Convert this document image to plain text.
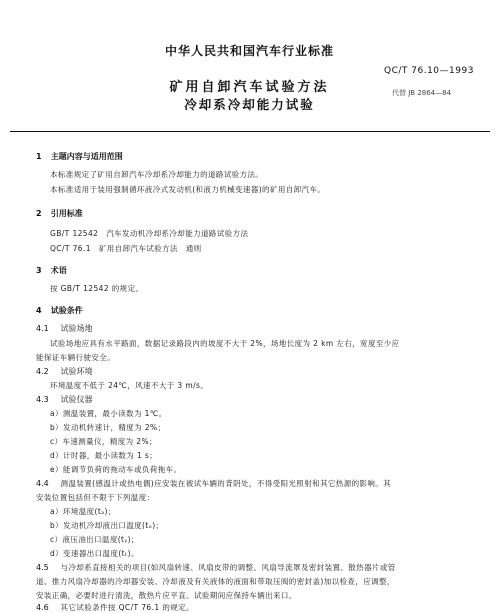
中华人民共和国汽车行业标准
矿用自卸汽车试验方法
冷却系冷却能力试验
QC/T 76.10—1993
代替 JB 2864—84
1 主题内容与适用范围
本标准规定了矿用自卸汽车冷却系冷却能力的道路试验方法。
本标准适用于装用强制循环液冷式发动机(和液力机械变速器)的矿用自卸汽车。
2 引用标准
GB/T 12542　汽车发动机冷却系冷却能力道路试验方法
QC/T 76.1　矿用自卸汽车试验方法　通则
3 术语
按 GB/T 12542 的规定。
4 试验条件
4.1 试验场地
试验场地应具有水平路面，数据记录路段内的坡度不大于 2%，场地长度为 2 km 左右，宽度至少应
能保证车辆行驶安全。
4.2 试验环境
环境温度不低于 24℃，风速不大于 3 m/s。
4.3 试验仪器
a）测温装置，最小读数为 1℃。
b）发动机转速计，精度为 2%；
c）车速测量仪，精度为 2%；
d）计时器，最小读数为 1 s；
e）能调节负荷的拖动车或负荷拖车。
4.4 测温装置(感温计或热电偶)应安装在被试车辆的背阴处，不得受阳光照射和其它热源的影响。其
安装位置包括但不限于下列温度：
a）环境温度(tₐ)；
b）发动机冷却液出口温度(tₒ)；
c）液压油出口温度(tᵧ)；
d）变速器出口温度(tₜ)。
4.5 与冷却系直接相关的项目(如风扇转速、风扇皮带的调整、风扇导流罩及密封装置、散热器片或管
道、推力风扇冷却器的冷却器安装、冷却液及有关液体的液面和带取压阀的密封盖)加以检查，应调整，
安装正确，必要时进行清洗，散热片应平直。试验期间应保持车辆出来口。
4.6 其它试验条件按 QC/T 76.1 的规定。
